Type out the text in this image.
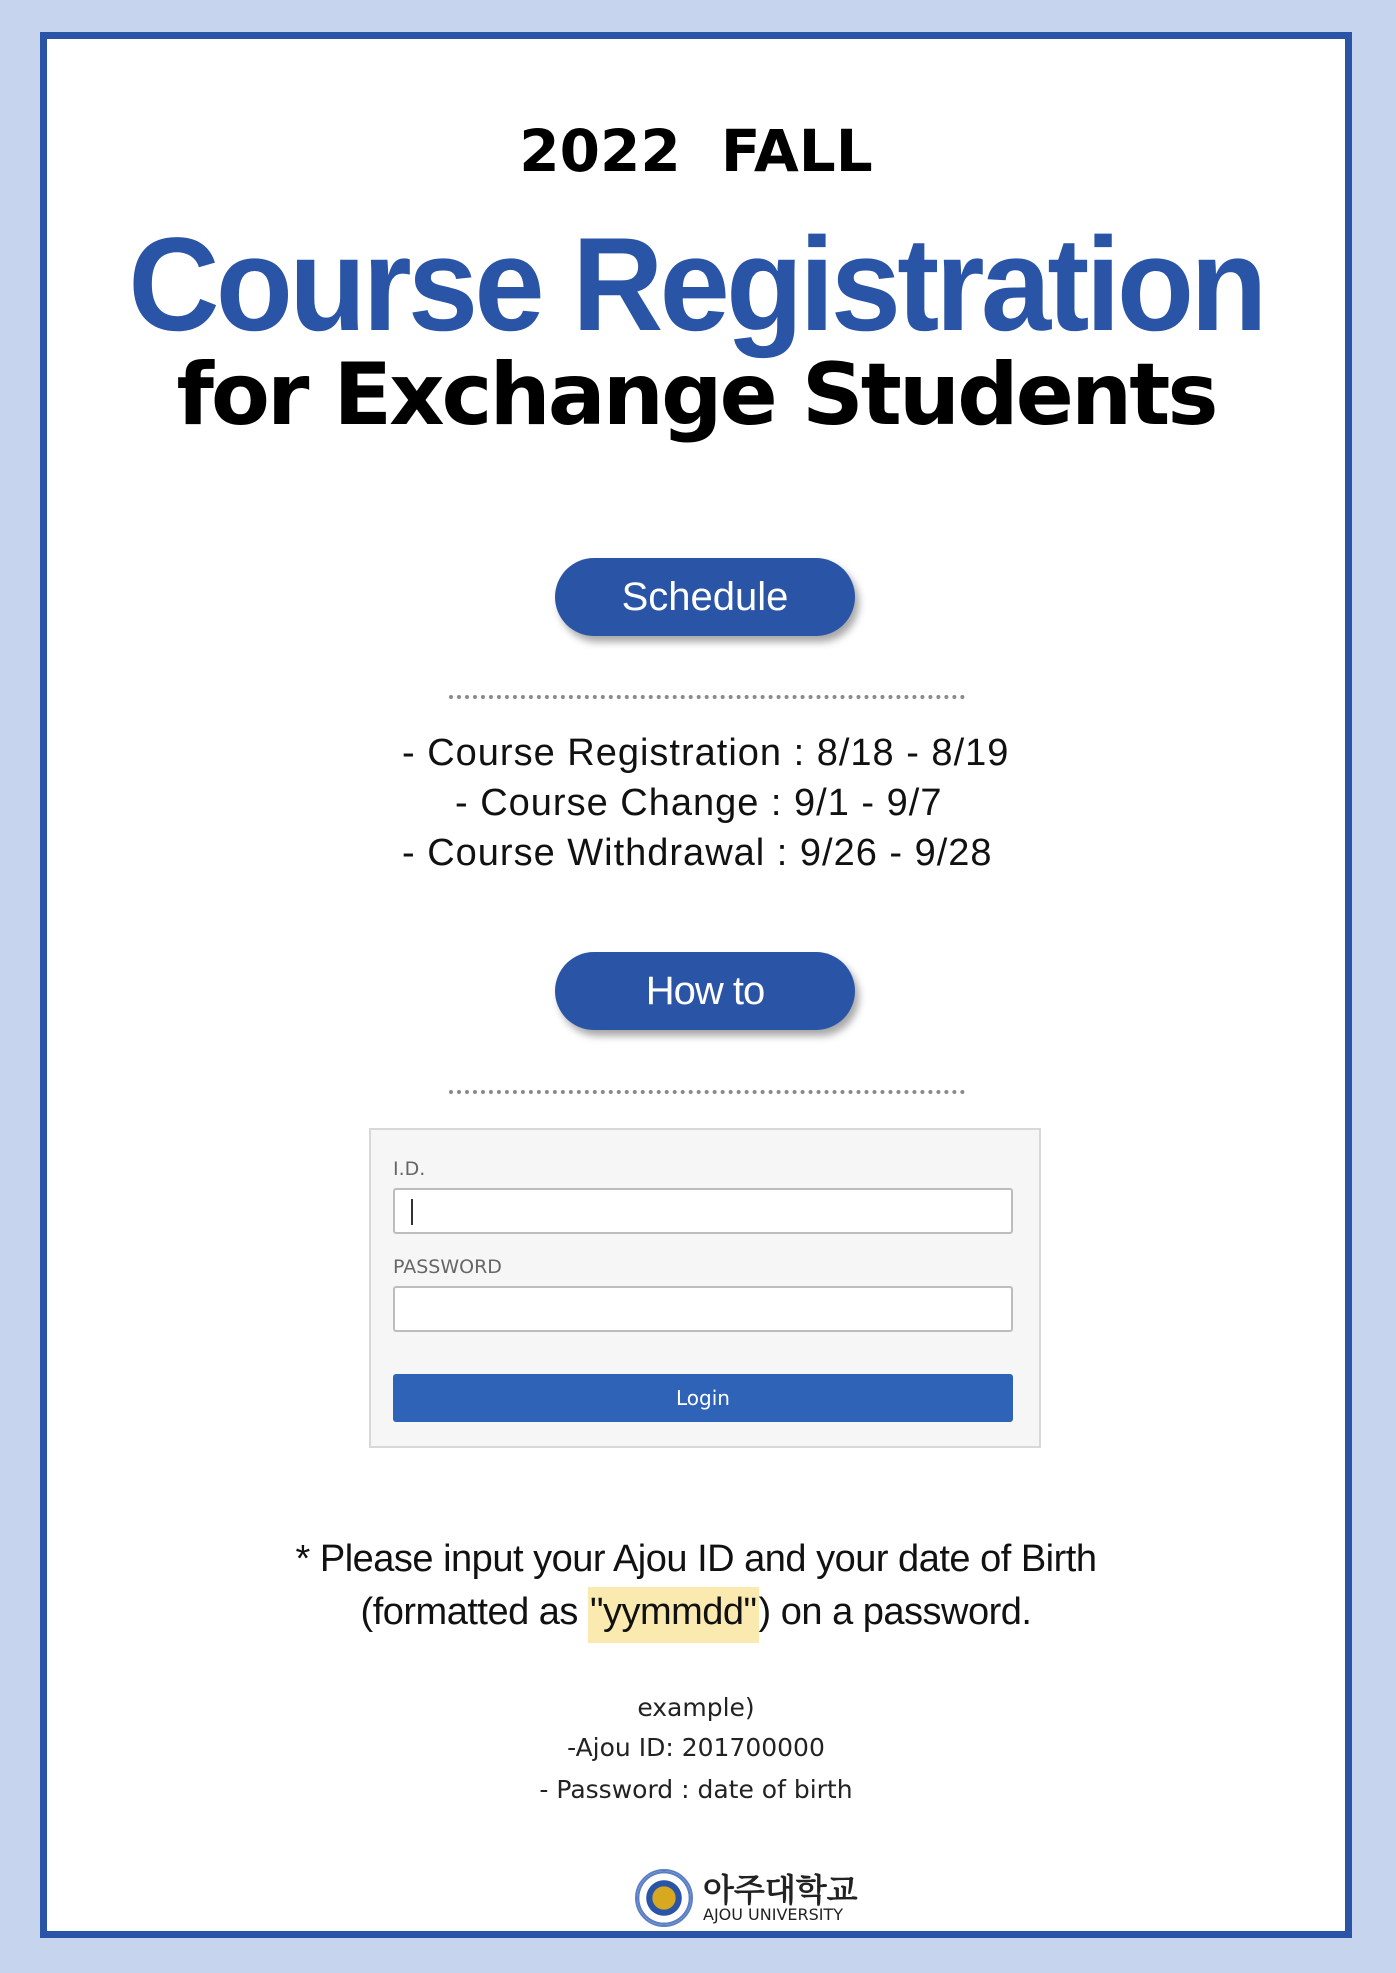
2022 FALL
Course Registration
for Exchange Students
Schedule
- Course Registration : 8/18 - 8/19
- Course Change : 9/1 - 9/7
- Course Withdrawal : 9/26 - 9/28
How to
I.D.
PASSWORD
Login
* Please input your Ajou ID and your date of Birth
(formatted as "yymmdd") on a password.
example)
-Ajou ID: 201700000
- Password : date of birth
아주대학교
AJOU UNIVERSITY
